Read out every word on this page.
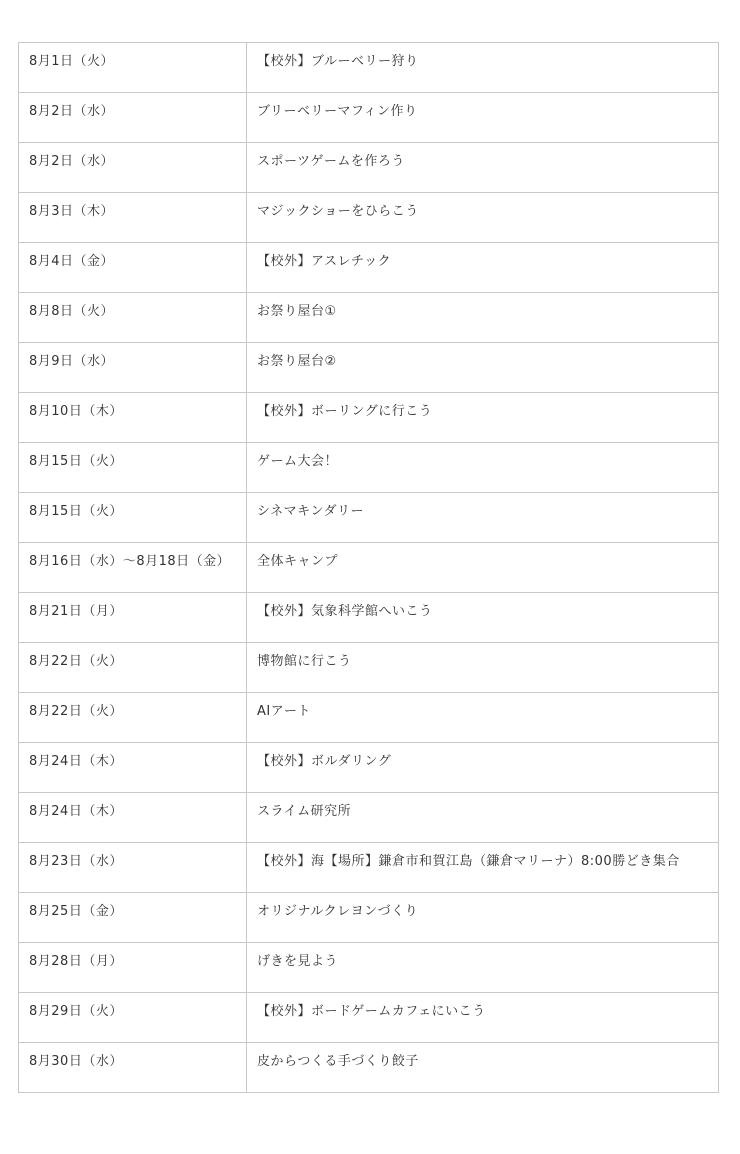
8月1日（火）	【校外】ブルーベリー狩り
8月2日（水）	ブリーベリーマフィン作り
8月2日（水）	スポーツゲームを作ろう
8月3日（木）	マジックショーをひらこう
8月4日（金）	【校外】アスレチック
8月8日（火）	お祭り屋台①
8月9日（水）	お祭り屋台②
8月10日（木）	【校外】ボーリングに行こう
8月15日（火）	ゲーム大会！
8月15日（火）	シネマキンダリー
8月16日（水）～8月18日（金）	全体キャンプ
8月21日（月）	【校外】気象科学館へいこう
8月22日（火）	博物館に行こう
8月22日（火）	AIアート
8月24日（木）	【校外】ボルダリング
8月24日（木）	スライム研究所
8月23日（水）	【校外】海【場所】鎌倉市和賀江島（鎌倉マリーナ）8:00勝どき集合
8月25日（金）	オリジナルクレヨンづくり
8月28日（月）	げきを見よう
8月29日（火）	【校外】ボードゲームカフェにいこう
8月30日（水）	皮からつくる手づくり餃子
